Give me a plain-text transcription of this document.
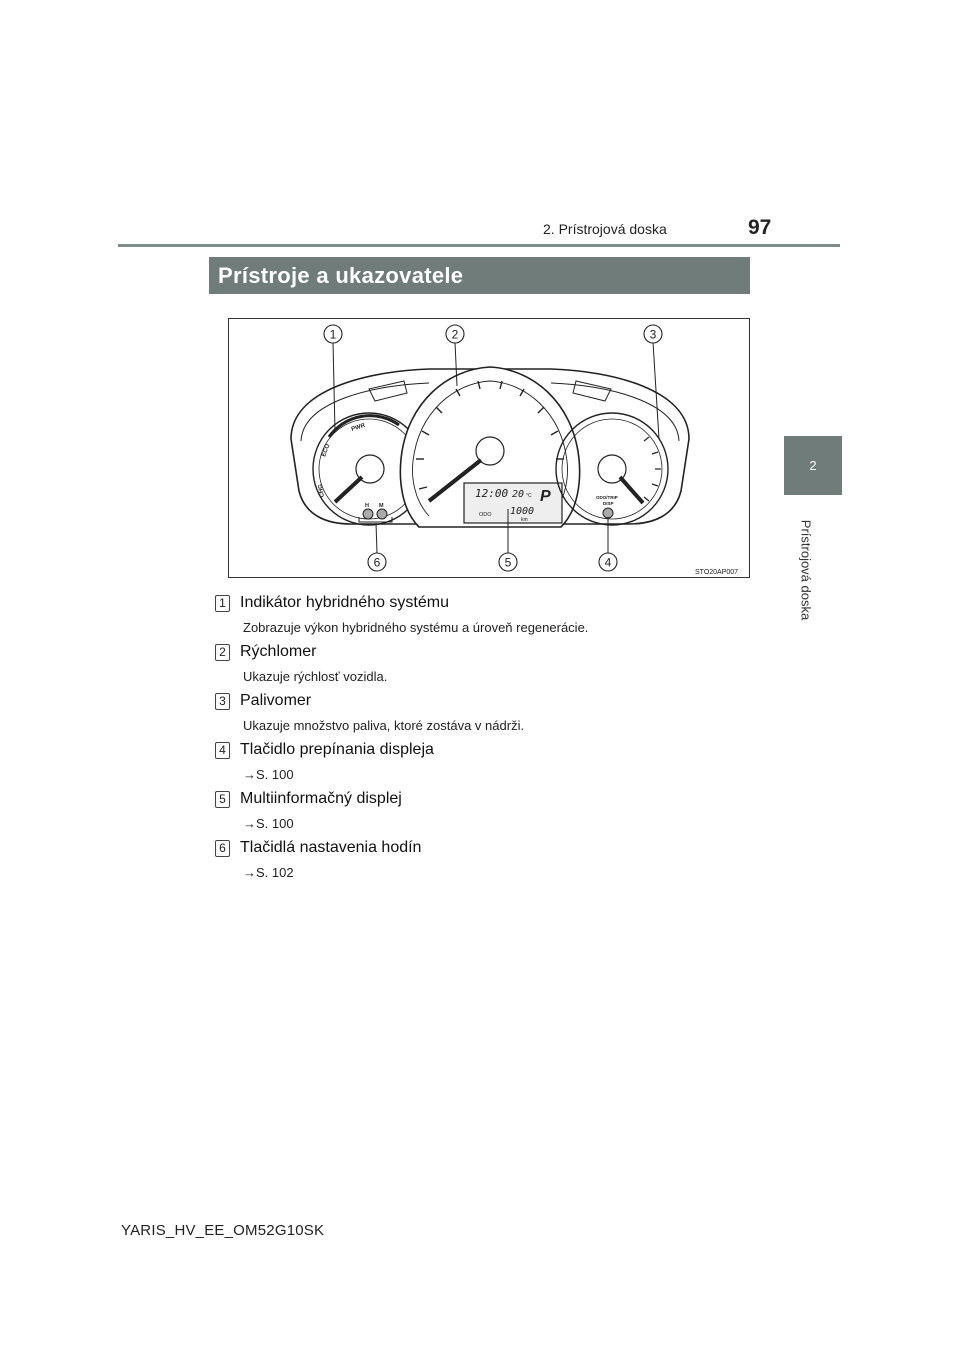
2. Prístrojová doska	97
2
Prístrojová doska
Prístroje a ukazovatele
PWR
ECO
CHG
H M
12:00 20 °C P
ODO 1000
km
ODO/TRIP
DISP
1	2	3
4
5
6
STO20AP007
1 Indikátor hybridného systému
Zobrazuje výkon hybridného systému a úroveň regenerácie.
2 Rýchlomer
Ukazuje rýchlosť vozidla.
3 Palivomer
Ukazuje množstvo paliva, ktoré zostáva v nádrži.
4 Tlačidlo prepínania displeja
→S. 100
5 Multiinformačný displej
→S. 100
6 Tlačidlá nastavenia hodín
→S. 102
YARIS_HV_EE_OM52G10SK
